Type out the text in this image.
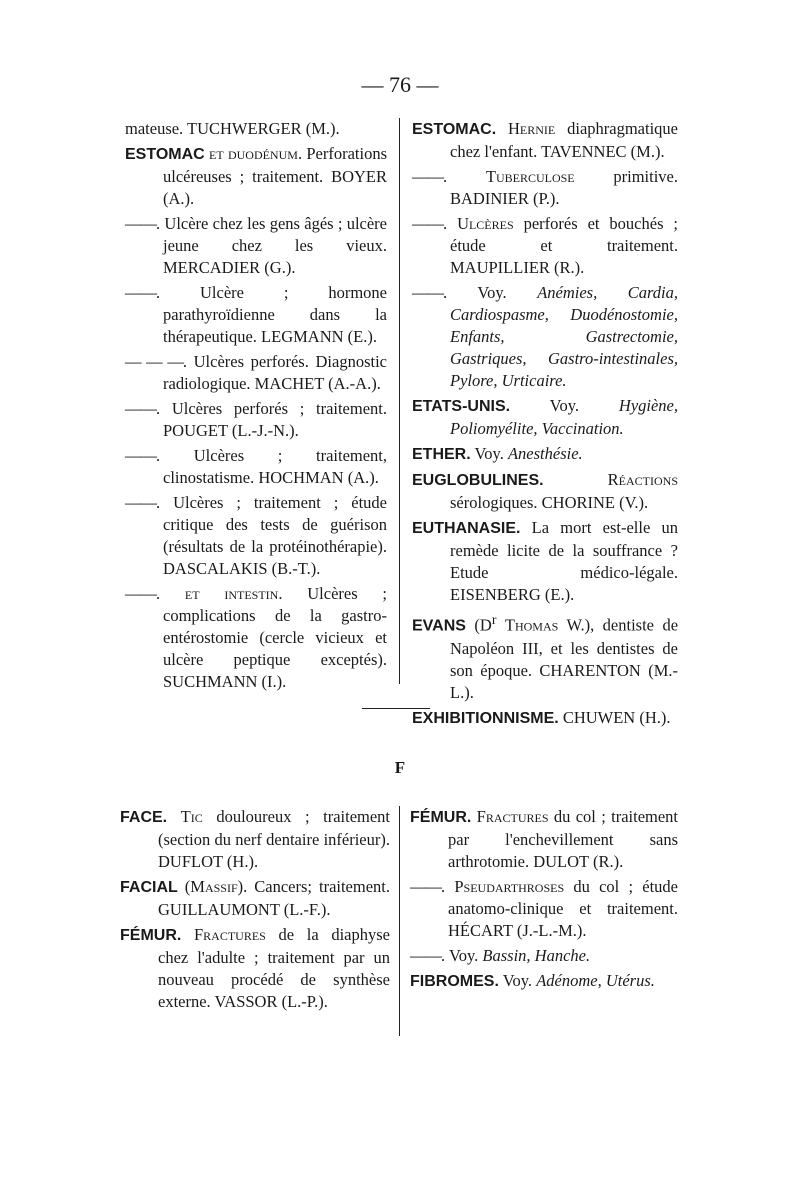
— 76 —

mateuse. TUCHWERGER (M.).

ESTOMAC et duodénum. Perforations ulcéreuses ; traitement. BOYER (A.).

——. Ulcère chez les gens âgés ; ulcère jeune chez les vieux. MERCADIER (G.).

——. Ulcère ; hormone parathyroïdienne dans la thérapeutique. LEGMANN (E.).

— — —. Ulcères perforés. Diagnostic radiologique. MACHET (A.-A.).

——. Ulcères perforés ; traitement. POUGET (L.-J.-N.).

——. Ulcères ; traitement, clinostatisme. HOCHMAN (A.).

——. Ulcères ; traitement ; étude critique des tests de guérison (résultats de la protéinothérapie). DASCALAKIS (B.-T.).

——. et intestin. Ulcères ; complications de la gastro-entérostomie (cercle vicieux et ulcère peptique exceptés). SUCHMANN (I.).

ESTOMAC. Hernie diaphragmatique chez l'enfant. TAVENNEC (M.).

——. Tuberculose primitive. BADINIER (P.).

——. Ulcères perforés et bouchés ; étude et traitement. MAUPILLIER (R.).

——. Voy. Anémies, Cardia, Cardiospasme, Duodénostomie, Enfants, Gastrectomie, Gastriques, Gastro-intestinales, Pylore, Urticaire.

ETATS-UNIS. Voy. Hygiène, Poliomyélite, Vaccination.

ETHER. Voy. Anesthésie.

EUGLOBULINES.	Réactions sérologiques. CHORINE (V.).

EUTHANASIE. La mort est-elle un remède licite de la souffrance ? Etude médico-légale. EISENBERG (E.).

EVANS ($D^r$ Thomas W.), dentiste de Napoléon III, et les dentistes de son époque. CHARENTON (M.-L.).

EXHIBITIONNISME. CHUWEN (H.).

F

FACE. Tic douloureux ; traitement (section du nerf dentaire inférieur). DUFLOT (H.).

FACIAL (Massif). Cancers; traitement. GUILLAUMONT (L.-F.).

FÉMUR. Fractures de la diaphyse chez l'adulte ; traitement par un nouveau procédé de synthèse externe. VASSOR (L.-P.).

FÉMUR. Fractures du col ; traitement par l'enchevillement sans arthrotomie. DULOT (R.).

——. Pseudarthroses du col ; étude anatomo-clinique et traitement. HÉCART (J.-L.-M.).

——. Voy. Bassin, Hanche.

FIBROMES. Voy. Adénome, Utérus.
